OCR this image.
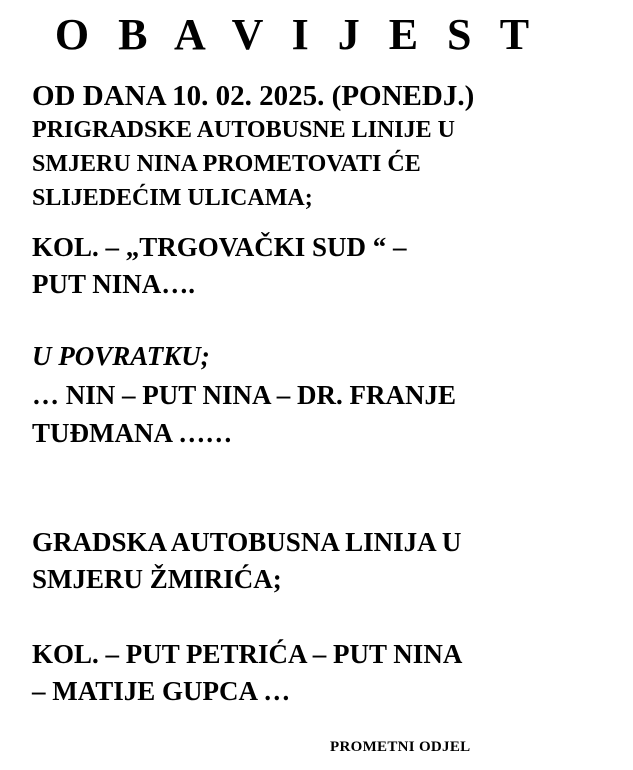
O B A V I J E S T

OD DANA 10. 02. 2025. (PONEDJ.)

PRIGRADSKE AUTOBUSNE LINIJE U

SMJERU NINA PROMETOVATI ĆE

SLIJEDEĆIM ULICAMA;

KOL. – „TRGOVAČKI SUD “ –

PUT NINA….

U POVRATKU;

… NIN – PUT NINA – DR. FRANJE

TUĐMANA ……

GRADSKA AUTOBUSNA LINIJA U

SMJERU ŽMIRIĆA;

KOL. – PUT PETRIĆA – PUT NINA

– MATIJE GUPCA …

PROMETNI ODJEL
